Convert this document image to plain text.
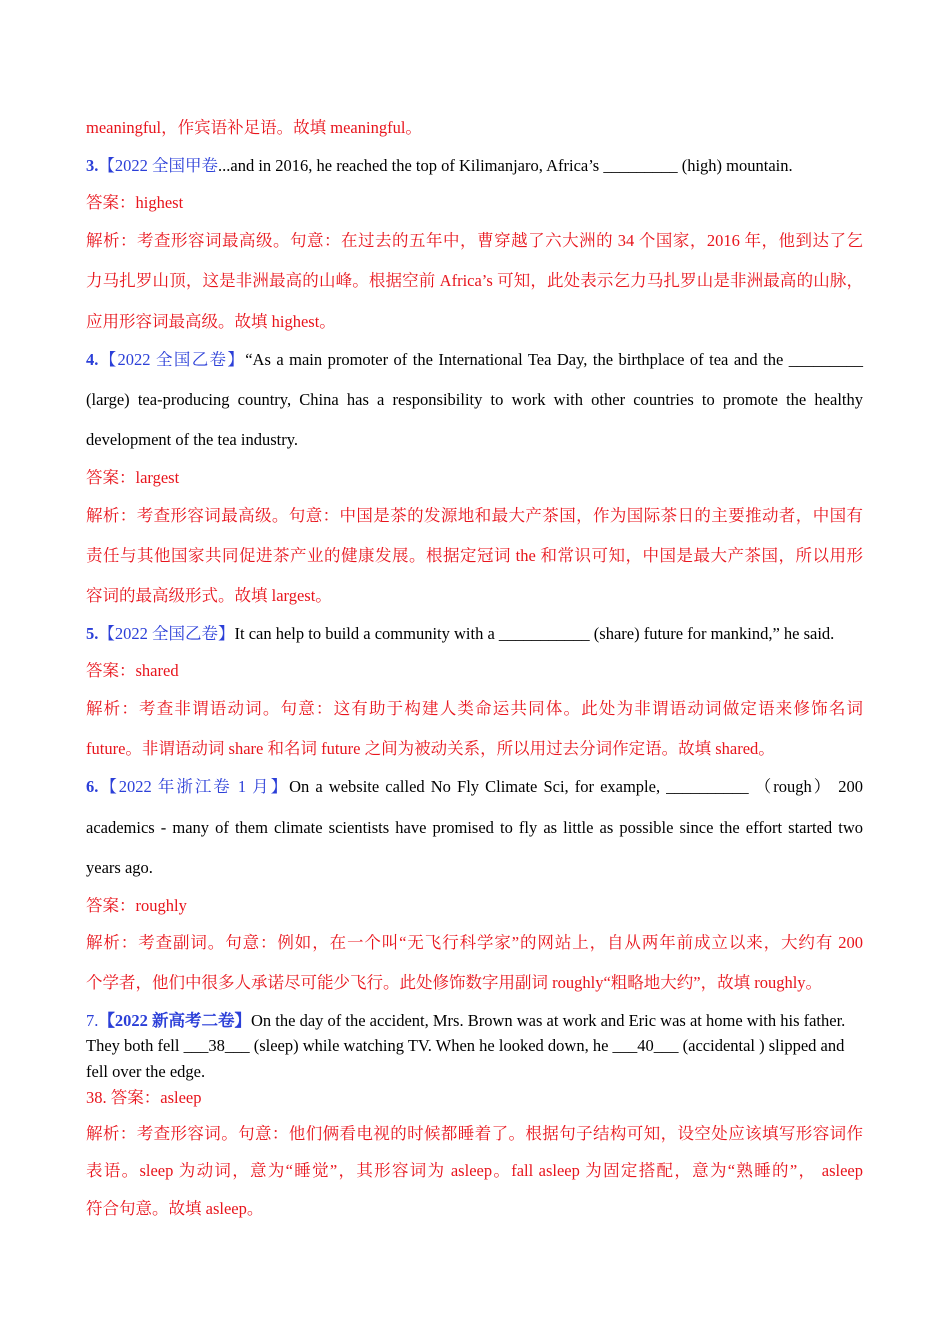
meaningful，作宾语补足语。故填 meaningful。
3.【2022 全国甲卷...and in 2016, he reached the top of Kilimanjaro, Africa’s _________ (high) mountain.
答案：highest
解析：考查形容词最高级。句意：在过去的五年中，曹穿越了六大洲的 34 个国家，2016 年，他到达了乞
力马扎罗山顶，这是非洲最高的山峰。根据空前 Africa’s 可知，此处表示乞力马扎罗山是非洲最高的山脉，
应用形容词最高级。故填 highest。
4.【2022 全国乙卷】“As a main promoter of the International Tea Day, the birthplace of tea and the _________
(large) tea-producing country, China has a responsibility to work with other countries to promote the healthy
development of the tea industry.
答案：largest
解析：考查形容词最高级。句意：中国是茶的发源地和最大产茶国，作为国际茶日的主要推动者，中国有
责任与其他国家共同促进茶产业的健康发展。根据定冠词 the 和常识可知，中国是最大产茶国，所以用形
容词的最高级形式。故填 largest。
5.【2022 全国乙卷】It can help to build a community with a ___________ (share) future for mankind,” he said.
答案：shared
解析：考查非谓语动词。句意：这有助于构建人类命运共同体。此处为非谓语动词做定语来修饰名词
future。非谓语动词 share 和名词 future 之间为被动关系，所以用过去分词作定语。故填 shared。
6.【2022 年浙江卷 1 月】On a website called No Fly Climate Sci, for example, __________ （rough） 200
academics - many of them climate scientists have promised to fly as little as possible since the effort started two
years ago.
答案：roughly
解析：考查副词。句意：例如，在一个叫“无飞行科学家”的网站上，自从两年前成立以来，大约有 200
个学者，他们中很多人承诺尽可能少飞行。此处修饰数字用副词 roughly“粗略地大约”，故填 roughly。
7.【2022 新高考二卷】On the day of the accident, Mrs. Brown was at work and Eric was at home with his father.
They both fell ___38___ (sleep) while watching TV. When he looked down, he ___40___ (accidental ) slipped and
fell over the edge.
38. 答案：asleep
解析：考查形容词。句意：他们俩看电视的时候都睡着了。根据句子结构可知，设空处应该填写形容词作
表语。sleep 为动词，意为“睡觉”，其形容词为 asleep。fall asleep 为固定搭配，意为“熟睡的”， asleep
符合句意。故填 asleep。
